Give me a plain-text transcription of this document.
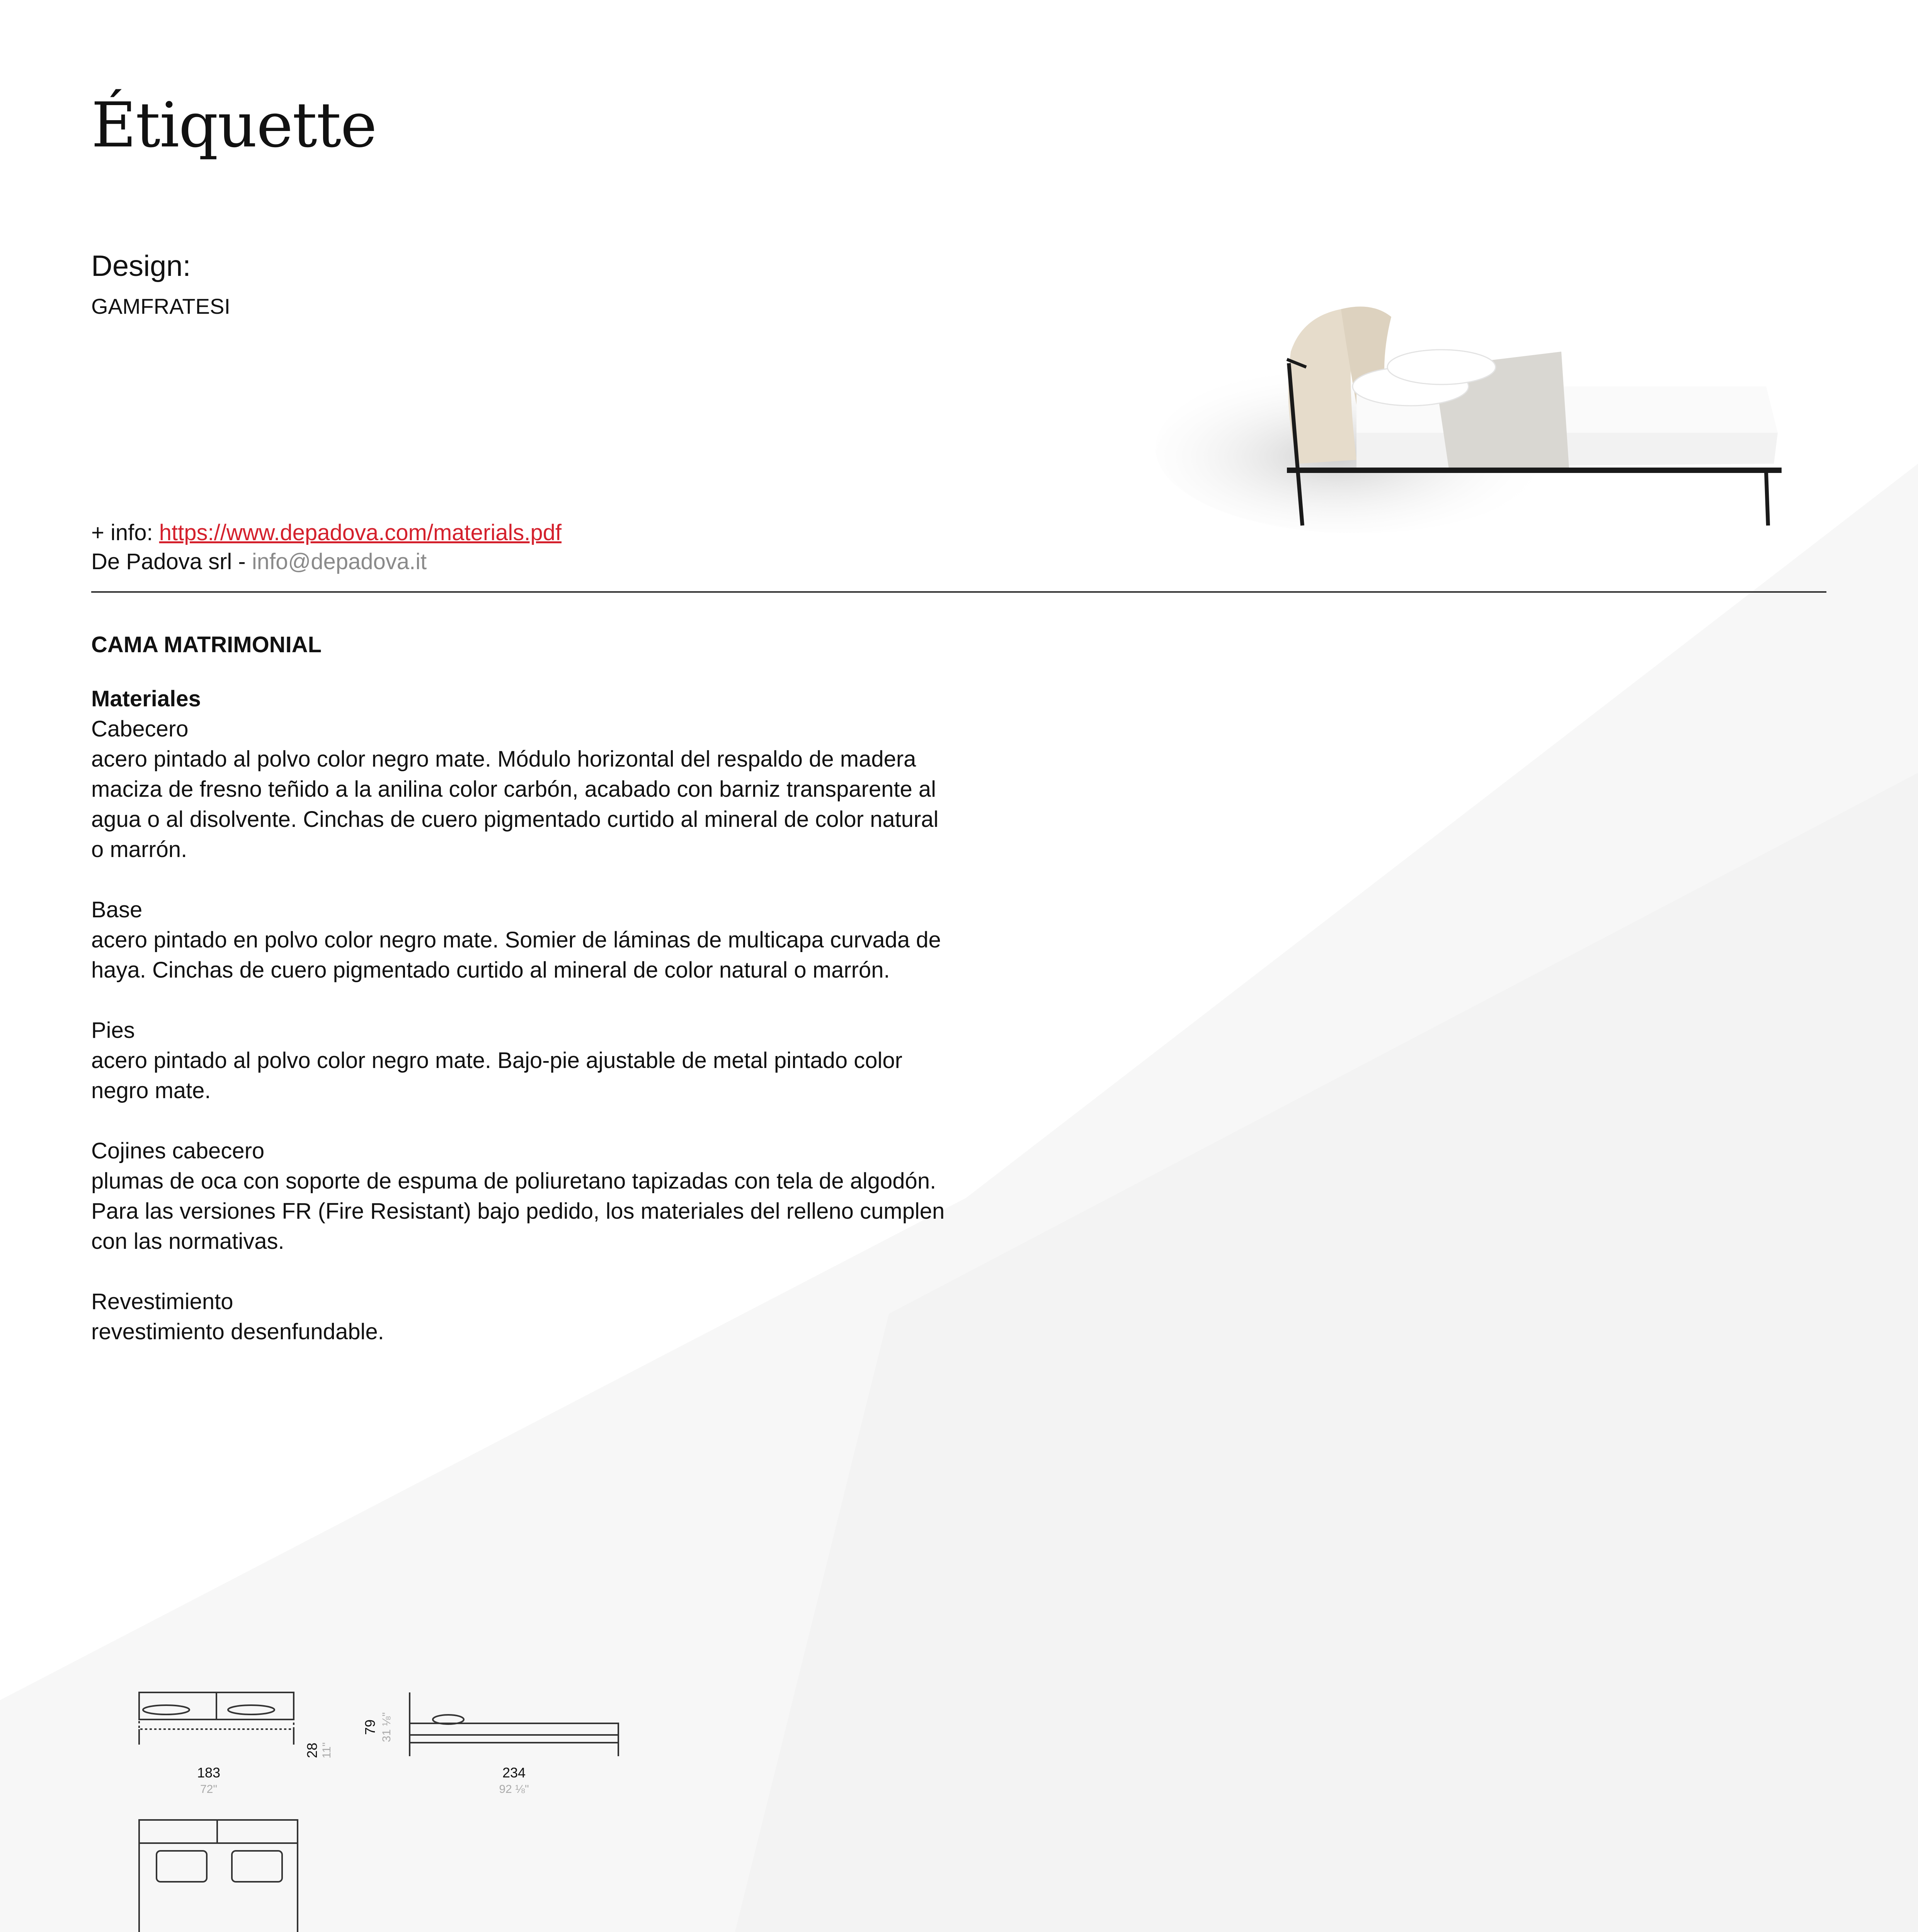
Étiquette
Design:
GAMFRATESI
+ info: https://www.depadova.com/materials.pdf
De Padova srl - info@depadova.it
CAMA MATRIMONIAL
Materiales
Cabecero
acero pintado al polvo color negro mate. Módulo horizontal del respaldo de madera maciza de fresno teñido a la anilina color carbón, acabado con barniz transparente al agua o al disolvente. Cinchas de cuero pigmentado curtido al mineral de color natural o marrón.
Base
acero pintado en polvo color negro mate. Somier de láminas de multicapa curvada de haya. Cinchas de cuero pigmentado curtido al mineral de color natural o marrón.
Pies
acero pintado al polvo color negro mate. Bajo-pie ajustable de metal pintado color negro mate.
Cojines cabecero
plumas de oca con soporte de espuma de poliuretano tapizadas con tela de algodón. Para las versiones FR (Fire Resistant) bajo pedido, los materiales del relleno cumplen con las normativas.
Revestimiento
revestimiento desenfundable.
183
72"
234
92 ⅛"
79 31 ⅛"
28 11"
